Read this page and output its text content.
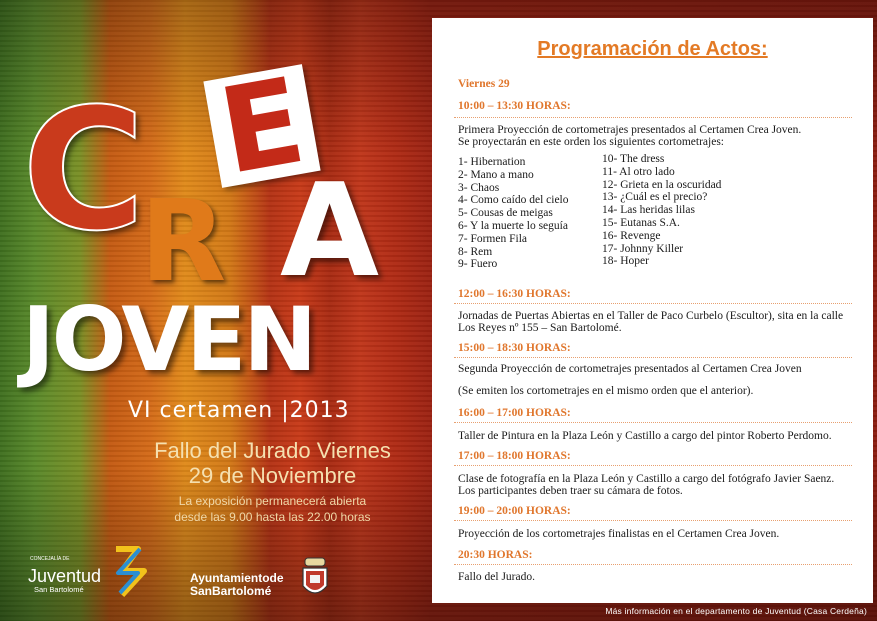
C
R
E
A
JOVEN
VI certamen |2013
Fallo del Jurado Viernes
29 de Noviembre
La exposición permanecerá abierta
desde las 9.00 hasta las 22.00 horas
CONCEJALÍA DE
Juventud
San Bartolomé
Ayuntamientode
SanBartolomé
Programación de Actos:
Viernes 29
10:00 – 13:30 HORAS:
Primera Proyección de cortometrajes presentados al Certamen Crea Joven.
Se proyectarán en este orden los siguientes cortometrajes:
1- Hibernation
2- Mano a mano
3- Chaos
4- Como caído del cielo
5- Cousas de meigas
6- Y la muerte lo seguía
7- Formen Fila
8- Rem
9- Fuero
10- The dress
11- Al otro lado
12- Grieta en la oscuridad
13- ¿Cuál es el precio?
14- Las heridas lilas
15- Eutanas S.A.
16- Revenge
17- Johnny Killer
18- Hoper
12:00 – 16:30 HORAS:
Jornadas de Puertas Abiertas en el Taller de Paco Curbelo (Escultor), sita en la calle
Los Reyes nº 155 – San Bartolomé.
15:00 – 18:30 HORAS:
Segunda Proyección de cortometrajes presentados al Certamen Crea Joven
(Se emiten los cortometrajes en el mismo orden que el anterior).
16:00 – 17:00 HORAS:
Taller de Pintura en la Plaza León y Castillo a cargo del pintor Roberto Perdomo.
17:00 – 18:00 HORAS:
Clase de fotografía en la Plaza León y Castillo a cargo del fotógrafo Javier Saenz.
Los participantes deben traer su cámara de fotos.
19:00 – 20:00 HORAS:
Proyección de los cortometrajes finalistas en el Certamen Crea Joven.
20:30 HORAS:
Fallo del Jurado.
Más información en el departamento de Juventud (Casa Cerdeña)
